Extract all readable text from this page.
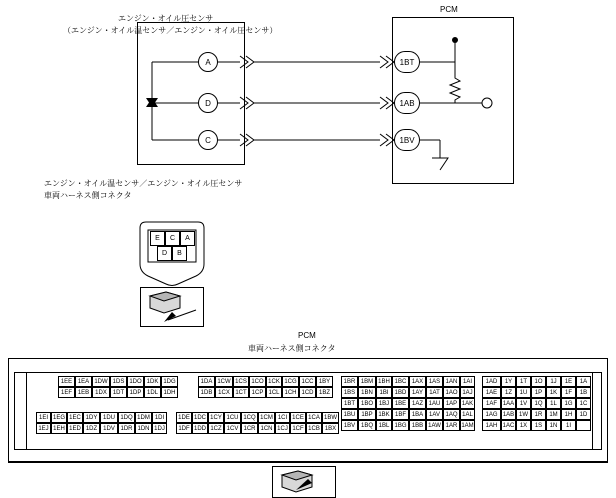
エンジン・オイル圧センサ
（エンジン・オイル温センサ／エンジン・オイル圧センサ）
PCM
A
D
C
1BT
1AB
1BV
エンジン・オイル温センサ／エンジン・オイル圧センサ
車両ハーネス側コネクタ
E	C	A
D	B
PCM
車両ハーネス側コネクタ
1EE 1EA 1DW 1DS 1DO 1DK 1DG
1EF 1EB 1DX	1DT 1DP 1DL 1DH
1EI 1EG 1EC 1DY 1DU 1DQ 1DM 1DI
1EJ 1EH 1ED 1DZ 1DV 1DR 1DN 1DJ
1DA 1CW 1CS 1CO 1CK 1CG 1CC 1BY
1DB 1CX 1CT 1CP 1CL 1CH 1CD 1BZ
1DE 1DC 1CY 1CU 1CQ 1CM 1CI 1CE 1CA 1BW
1DF 1DD 1CZ 1CV 1CR 1CN 1CJ 1CF 1CB 1BX
1BR 1BM 1BH 1BC 1AX 1AS 1AN 1AI
1BS 1BN	1BI	1BD 1AY	1AT 1AO 1AJ
1BT 1BO 1BJ 1BE 1AZ 1AU 1AP 1AK
1BU	1BP 1BK 1BF 1BA 1AV 1AQ 1AL
1BV 1BQ 1BL 1BG 1BB 1AW 1AR 1AM
1AD	1Y	1T	1O	1J	1E	1A
1AE	1Z	1U	1P	1K	1F	1B
1AF 1AA 1V	1Q	1L	1G	1C
1AG 1AB 1W	1R	1M	1H	1D
1AH 1AC 1X	1S	1N	1I
